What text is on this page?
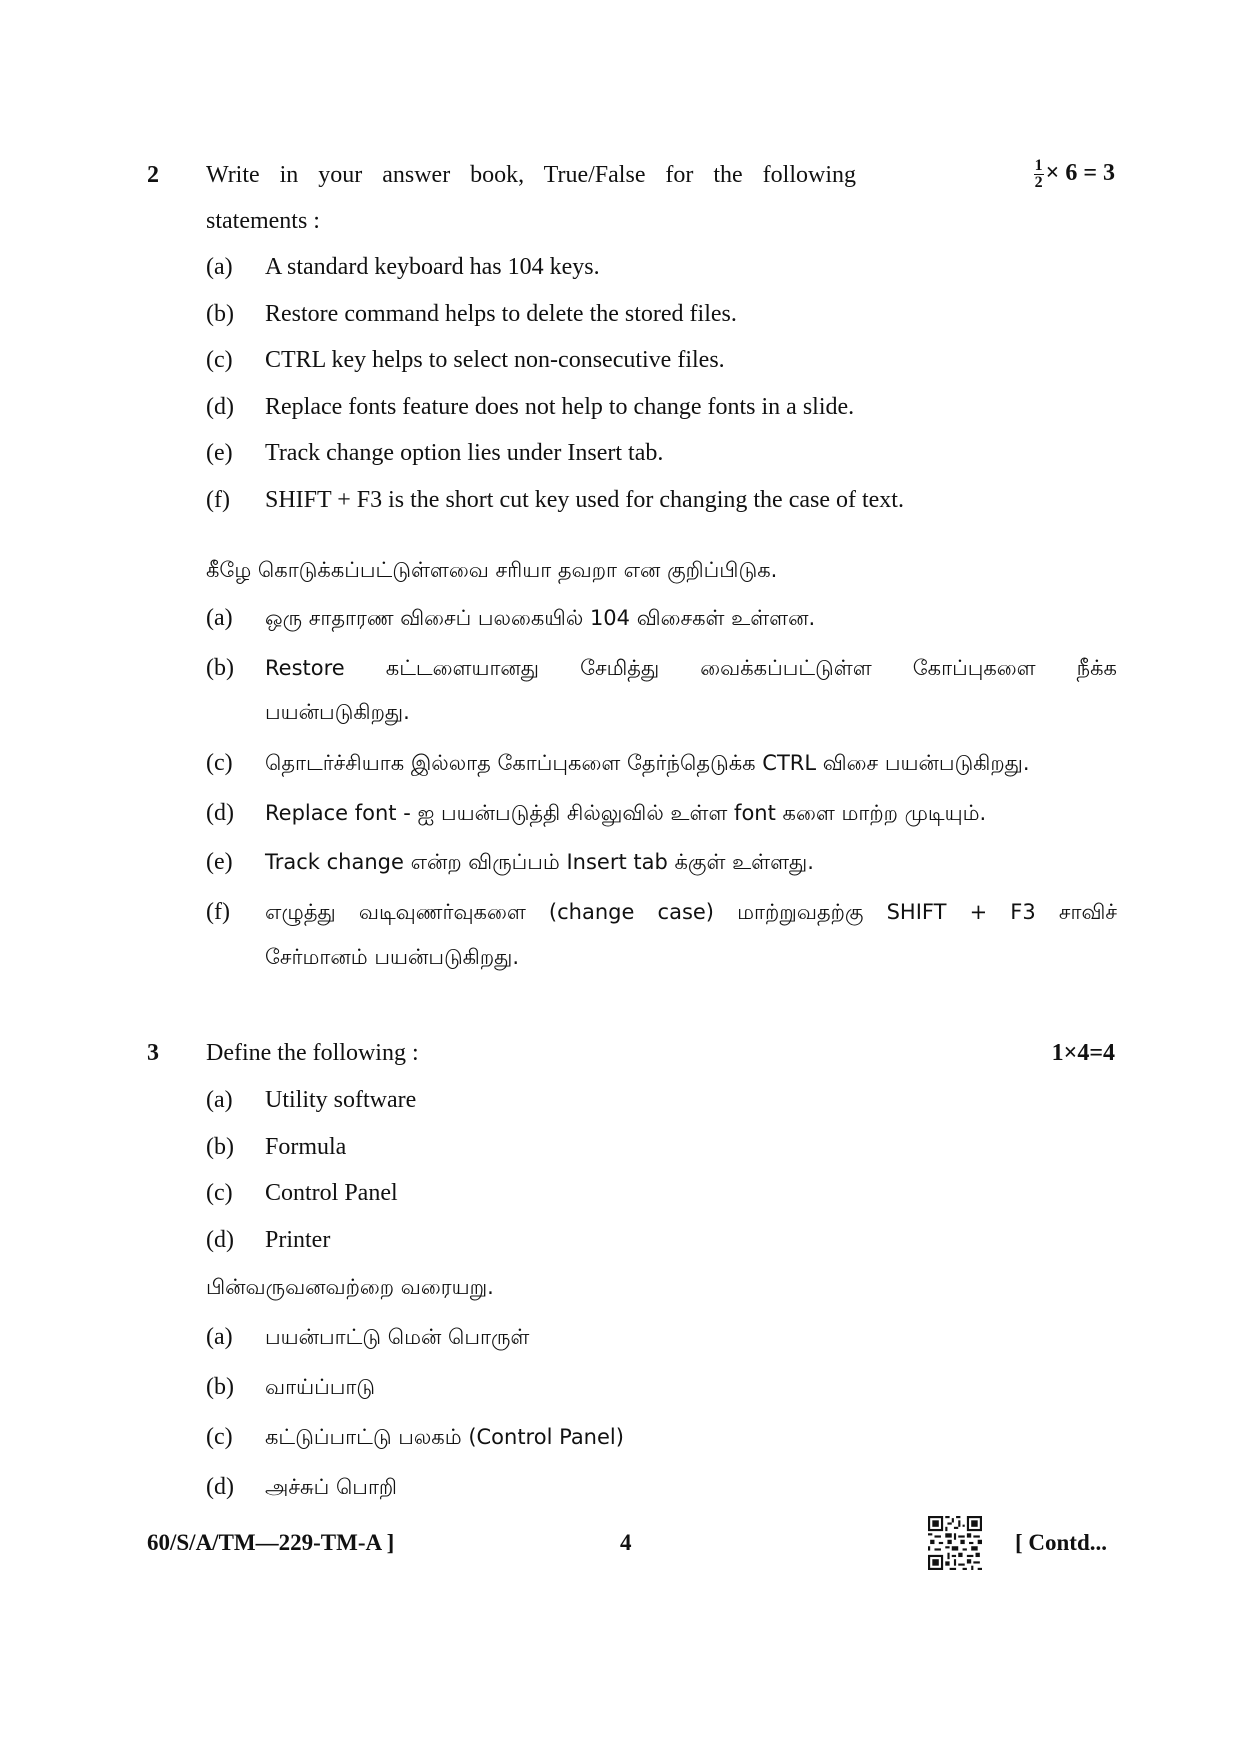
2 Write in your answer book, True/False for the following	$\frac{1}{2} \times 6 = 3$
statements :
(a) A standard keyboard has 104 keys.
(b) Restore command helps to delete the stored files.
(c) CTRL key helps to select non-consecutive files.
(d) Replace fonts feature does not help to change fonts in a slide.
(e) Track change option lies under Insert tab.
(f) SHIFT + F3 is the short cut key used for changing the case of text.
கீழே கொடுக்கப்பட்டுள்ளவை சரியா தவறா என குறிப்பிடுக.
(a) ஒரு சாதாரண விசைப் பலகையில் 104 விசைகள் உள்ளன.
(b) Restore கட்டளையானது சேமித்து வைக்கப்பட்டுள்ள கோப்புகளை நீக்க
பயன்படுகிறது.
(c) தொடர்ச்சியாக இல்லாத கோப்புகளை தேர்ந்தெடுக்க CTRL விசை பயன்படுகிறது.
(d) Replace font - ஐ பயன்படுத்தி சில்லுவில் உள்ள font களை மாற்ற முடியும்.
(e) Track change என்ற விருப்பம் Insert tab க்குள் உள்ளது.
(f) எழுத்து வடிவுணர்வுகளை (change case) மாற்றுவதற்கு SHIFT + F3 சாவிச்
சேர்மானம் பயன்படுகிறது.
3 Define the following :	1×4=4
(a) Utility software
(b) Formula
(c) Control Panel
(d) Printer
பின்வருவனவற்றை வரையறு.
(a) பயன்பாட்டு மென் பொருள்
(b) வாய்ப்பாடு
(c) கட்டுப்பாட்டு பலகம் (Control Panel)
(d) அச்சுப் பொறி
60/S/A/TM—229-TM-A ]	4	[ Contd...
